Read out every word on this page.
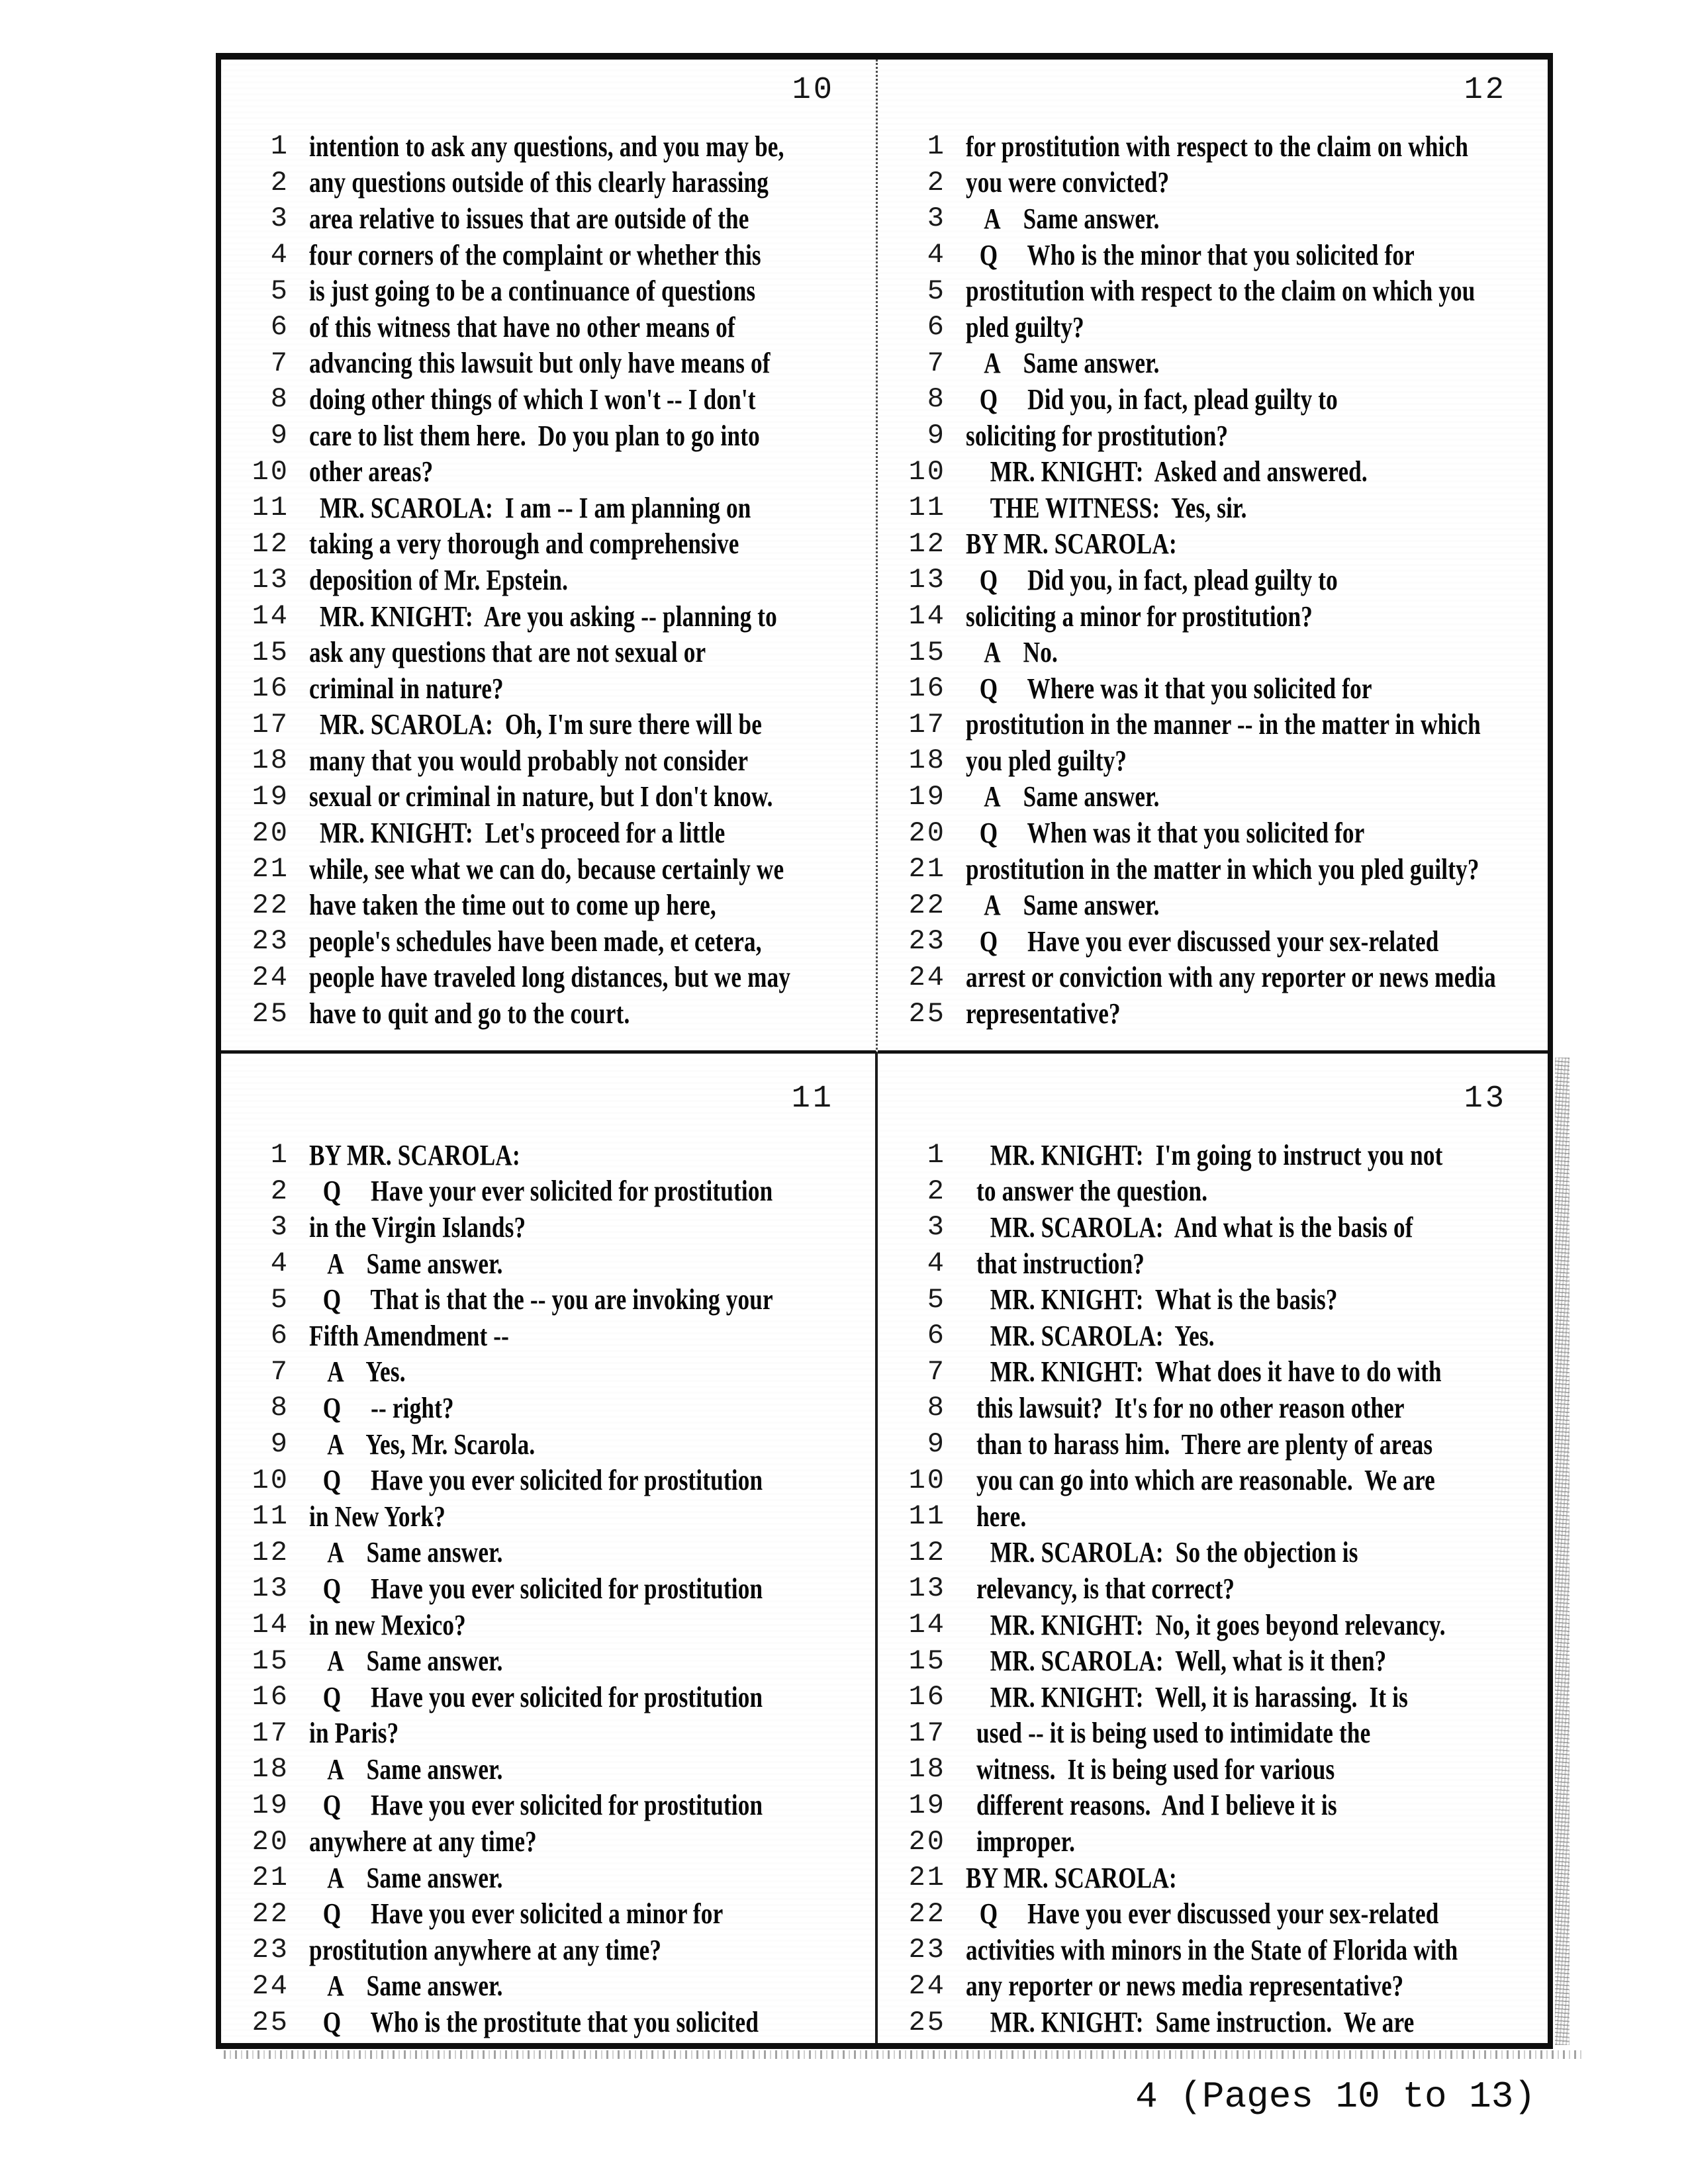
10
1 intention to ask any questions, and you may be,
2 any questions outside of this clearly harassing
3 area relative to issues that are outside of the
4 four corners of the complaint or whether this
5 is just going to be a continuance of questions
6 of this witness that have no other means of
7 advancing this lawsuit but only have means of
8 doing other things of which I won't -- I don't
9 care to list them here.  Do you plan to go into
10 other areas?
11	MR. SCAROLA:  I am -- I am planning on
12 taking a very thorough and comprehensive
13 deposition of Mr. Epstein.
14	MR. KNIGHT:  Are you asking -- planning to
15 ask any questions that are not sexual or
16 criminal in nature?
17	MR. SCAROLA:  Oh, I'm sure there will be
18 many that you would probably not consider
19 sexual or criminal in nature, but I don't know.
20	MR. KNIGHT:  Let's proceed for a little
21 while, see what we can do, because certainly we
22 have taken the time out to come up here,
23 people's schedules have been made, et cetera,
24 people have traveled long distances, but we may
25 have to quit and go to the court.
12
1 for prostitution with respect to the claim on which
2 you were convicted?
3	A    Same answer.
4	Q     Who is the minor that you solicited for
5 prostitution with respect to the claim on which you
6 pled guilty?
7	A    Same answer.
8	Q     Did you, in fact, plead guilty to
9 soliciting for prostitution?
10	MR. KNIGHT:  Asked and answered.
11	THE WITNESS:  Yes, sir.
12 BY MR. SCAROLA:
13	Q     Did you, in fact, plead guilty to
14 soliciting a minor for prostitution?
15	A    No.
16	Q     Where was it that you solicited for
17 prostitution in the manner -- in the matter in which
18 you pled guilty?
19	A    Same answer.
20	Q     When was it that you solicited for
21 prostitution in the matter in which you pled guilty?
22	A    Same answer.
23	Q     Have you ever discussed your sex-related
24 arrest or conviction with any reporter or news media
25 representative?
11
1 BY MR. SCAROLA:
2	Q     Have your ever solicited for prostitution
3 in the Virgin Islands?
4	A    Same answer.
5	Q     That is that the -- you are invoking your
6 Fifth Amendment --
7	A    Yes.
8	Q     -- right?
9	A    Yes, Mr. Scarola.
10	Q     Have you ever solicited for prostitution
11 in New York?
12	A    Same answer.
13	Q     Have you ever solicited for prostitution
14 in new Mexico?
15	A    Same answer.
16	Q     Have you ever solicited for prostitution
17 in Paris?
18	A    Same answer.
19	Q     Have you ever solicited for prostitution
20 anywhere at any time?
21	A    Same answer.
22	Q     Have you ever solicited a minor for
23 prostitution anywhere at any time?
24	A    Same answer.
25	Q     Who is the prostitute that you solicited
13
1	MR. KNIGHT:  I'm going to instruct you not
2	to answer the question.
3	MR. SCAROLA:  And what is the basis of
4	that instruction?
5	MR. KNIGHT:  What is the basis?
6	MR. SCAROLA:  Yes.
7	MR. KNIGHT:  What does it have to do with
8	this lawsuit?  It's for no other reason other
9	than to harass him.  There are plenty of areas
10	you can go into which are reasonable.  We are
11	here.
12	MR. SCAROLA:  So the objection is
13	relevancy, is that correct?
14	MR. KNIGHT:  No, it goes beyond relevancy.
15	MR. SCAROLA:  Well, what is it then?
16	MR. KNIGHT:  Well, it is harassing.  It is
17	used -- it is being used to intimidate the
18	witness.  It is being used for various
19	different reasons.  And I believe it is
20	improper.
21 BY MR. SCAROLA:
22	Q     Have you ever discussed your sex-related
23 activities with minors in the State of Florida with
24 any reporter or news media representative?
25	MR. KNIGHT:  Same instruction.  We are
4 (Pages 10 to 13)
